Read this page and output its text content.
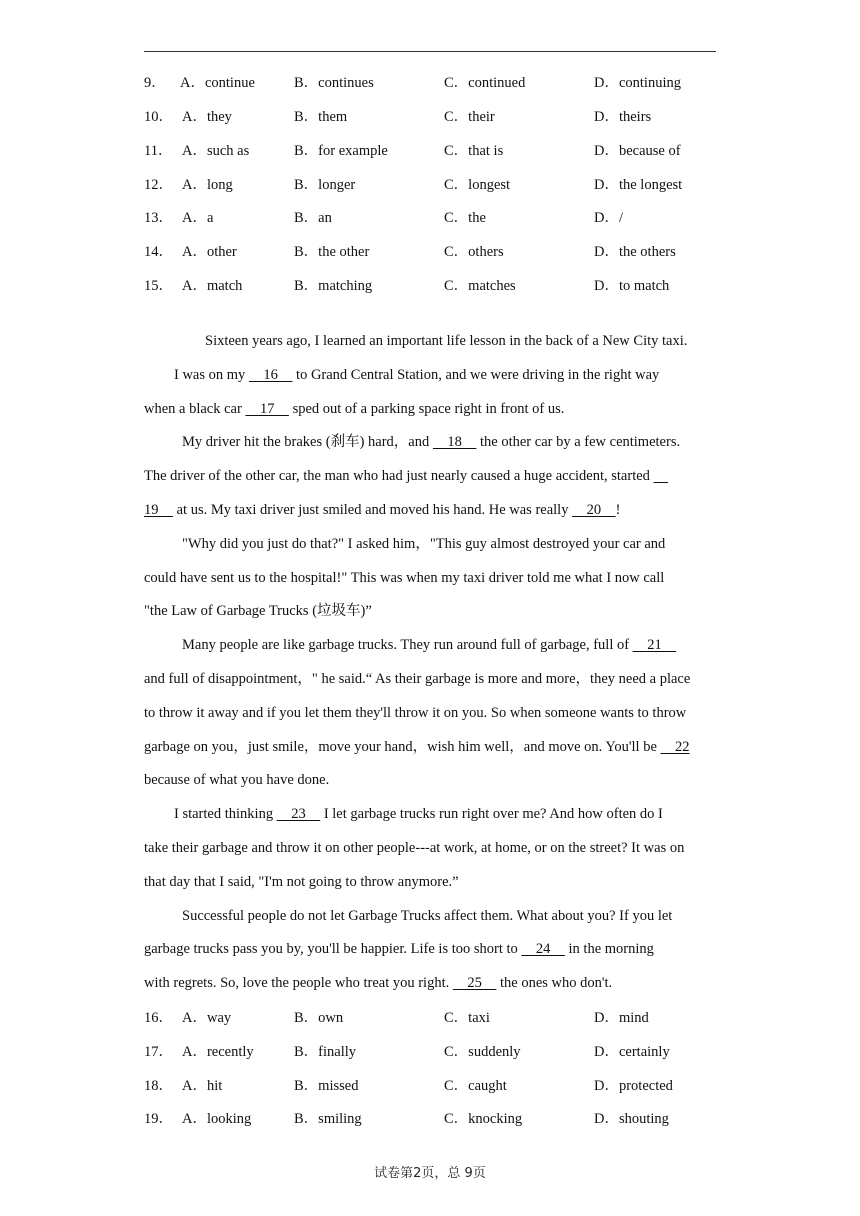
9． A．continue	B．continues	C．continued	D．continuing
10． A．they	B．them	C．their	D．theirs
11． A．such as	B．for example	C．that is	D．because of
12． A．long	B．longer	C．longest	D．the longest
13． A．a	B．an	C．the	D．/
14． A．other	B．the other	C．others	D．the others
15． A．match	B．matching	C．matches	D．to match
Sixteen years ago, I learned an important life lesson in the back of a New City taxi.
I was on my     16     to Grand Central Station, and we were driving in the right way
when a black car     17     sped out of a parking space right in front of us.
My driver hit the brakes (刹车) hard，and     18     the other car by a few centimeters.
The driver of the other car, the man who had just nearly caused a huge accident, started
19     at us. My taxi driver just smiled and moved his hand. He was really     20    !
"Why did you just do that?" I asked him，"This guy almost destroyed your car and
could have sent us to the hospital!" This was when my taxi driver told me what I now call
"the Law of Garbage Trucks (垃圾车)”
Many people are like garbage trucks. They run around full of garbage, full of     21
and full of disappointment，" he said.“ As their garbage is more and more，they need a place
to throw it away and if you let them they'll throw it on you. So when someone wants to throw
garbage on you，just smile，move your hand，wish him well，and move on. You'll be     22
because of what you have done.
I started thinking     23     I let garbage trucks run right over me? And how often do I
take their garbage and throw it on other people---at work, at home, or on the street? It was on
that day that I said, "I'm not going to throw anymore.”
Successful people do not let Garbage Trucks affect them. What about you? If you let
garbage trucks pass you by, you'll be happier. Life is too short to     24     in the morning
with regrets. So, love the people who treat you right.     25     the ones who don't.
16． A．way	B．own	C．taxi	D．mind
17． A．recently	B．finally	C．suddenly	D．certainly
18． A．hit	B．missed	C．caught	D．protected
19． A．looking	B．smiling	C．knocking	D．shouting
试卷第2页，总 9页
